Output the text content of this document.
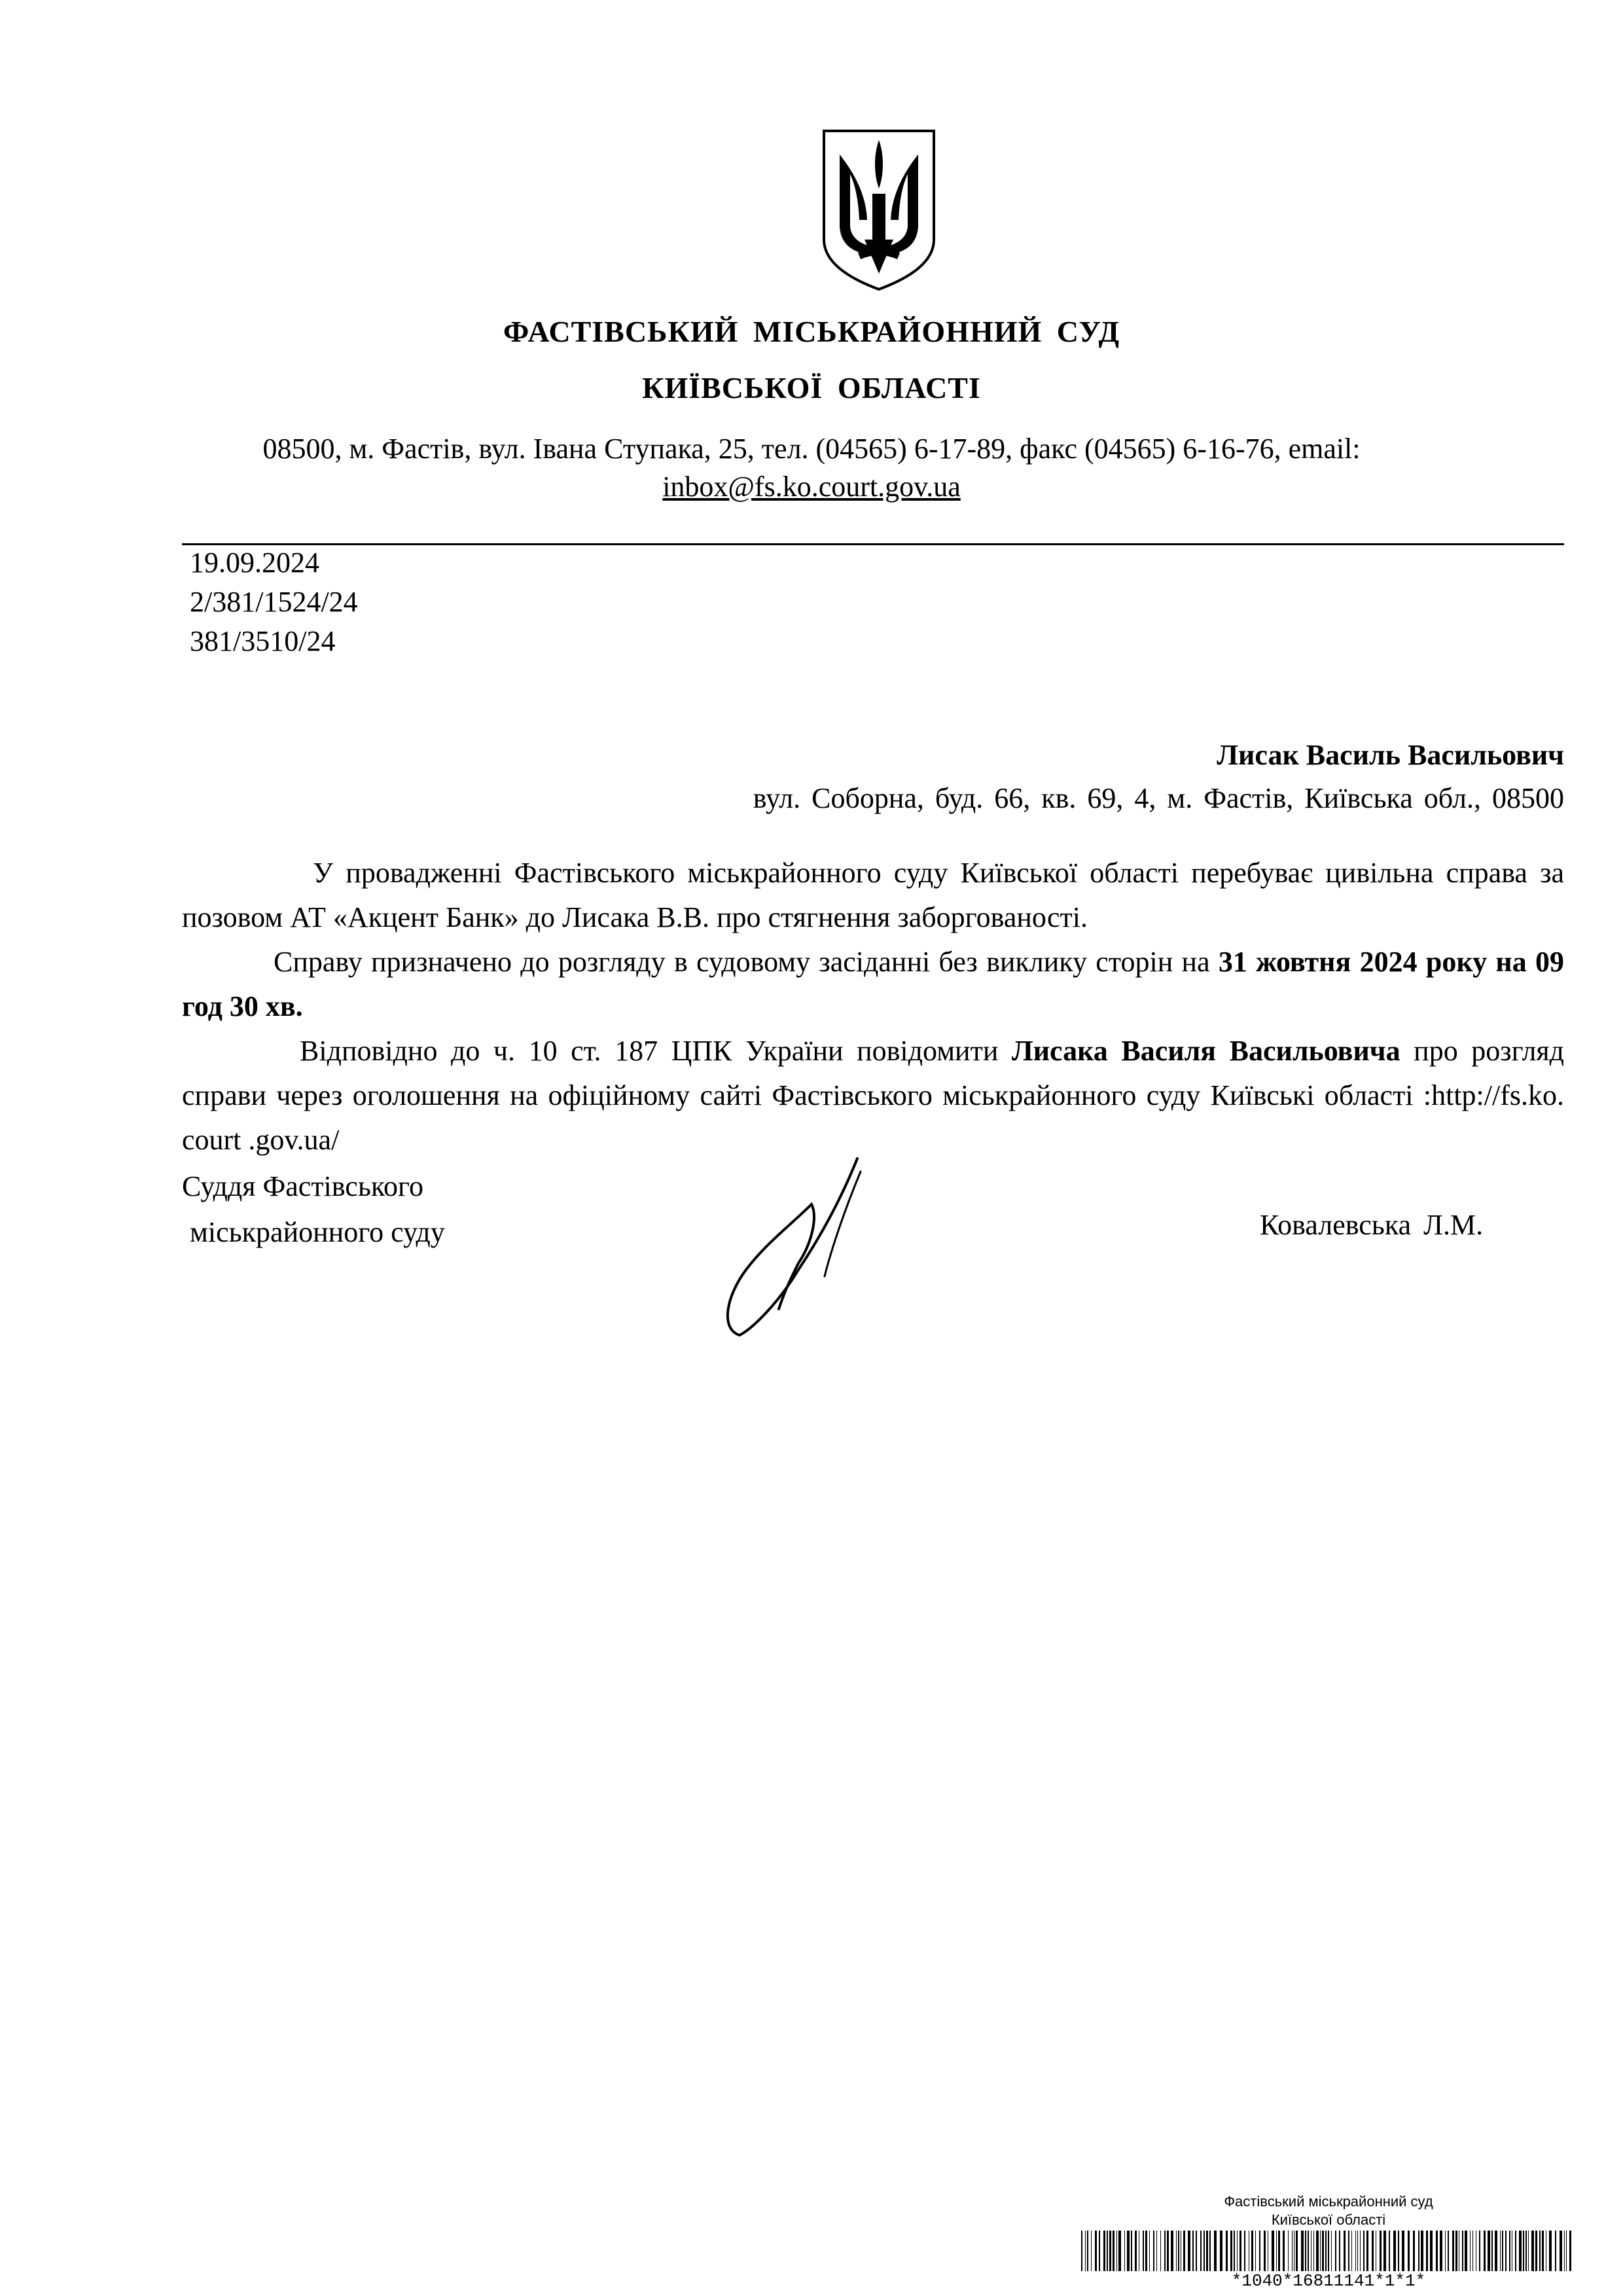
ФАСТІВСЬКИЙ МІСЬКРАЙОННИЙ СУД
КИЇВСЬКОЇ ОБЛАСТІ
08500, м. Фастів, вул. Івана Ступака, 25, тел. (04565) 6-17-89, факс (04565) 6-16-76, email:
inbox@fs.ko.court.gov.ua
19.09.2024
2/381/1524/24
381/3510/24
Лисак Василь Васильович
вул. Соборна, буд. 66, кв. 69, 4, м. Фастів, Київська обл., 08500
У провадженні Фастівського міськрайонного суду Київської області перебуває цивільна справа за позовом АТ «Акцент Банк» до Лисака В.В. про стягнення заборгованості.
Справу призначено до розгляду в судовому засіданні без виклику сторін на 31 жовтня 2024 року на 09 год 30 хв.
Відповідно до ч. 10 ст. 187 ЦПК України повідомити Лисака Василя Васильовича про розгляд справи через оголошення на офіційному сайті Фастівського міськрайонного суду Київські області :http://fs.ko. court .gov.ua/
Суддя Фастівського
міськрайонного суду	Ковалевська Л.М.
Фастівський міськрайонний суд
Київської області
*1040*16811141*1*1*
